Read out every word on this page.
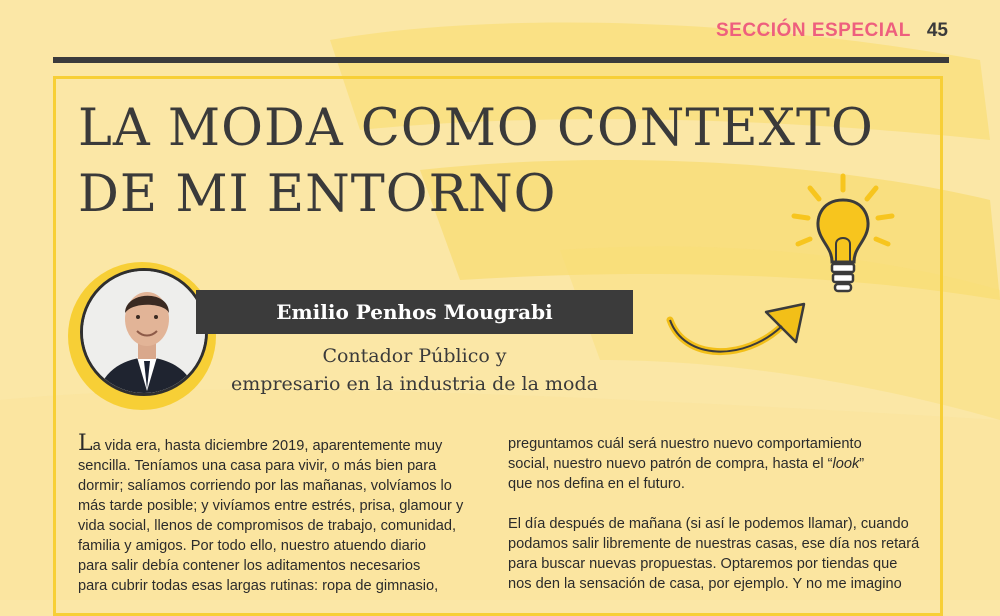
SECCIÓN ESPECIAL 45
LA MODA COMO CONTEXTO
DE MI ENTORNO
Emilio Penhos Mougrabi

Contador Público y
empresario en la industria de la moda

La vida era, hasta diciembre 2019, aparentemente muy
sencilla. Teníamos una casa para vivir, o más bien para
dormir; salíamos corriendo por las mañanas, volvíamos lo
más tarde posible; y vivíamos entre estrés, prisa, glamour y
vida social, llenos de compromisos de trabajo, comunidad,
familia y amigos. Por todo ello, nuestro atuendo diario
para salir debía contener los aditamentos necesarios
para cubrir todas esas largas rutinas: ropa de gimnasio,

preguntamos cuál será nuestro nuevo comportamiento
social, nuestro nuevo patrón de compra, hasta el “look”
que nos defina en el futuro.
El día después de mañana (si así le podemos llamar), cuando
podamos salir libremente de nuestras casas, ese día nos retará
para buscar nuevas propuestas. Optaremos por tiendas que
nos den la sensación de casa, por ejemplo. Y no me imagino
